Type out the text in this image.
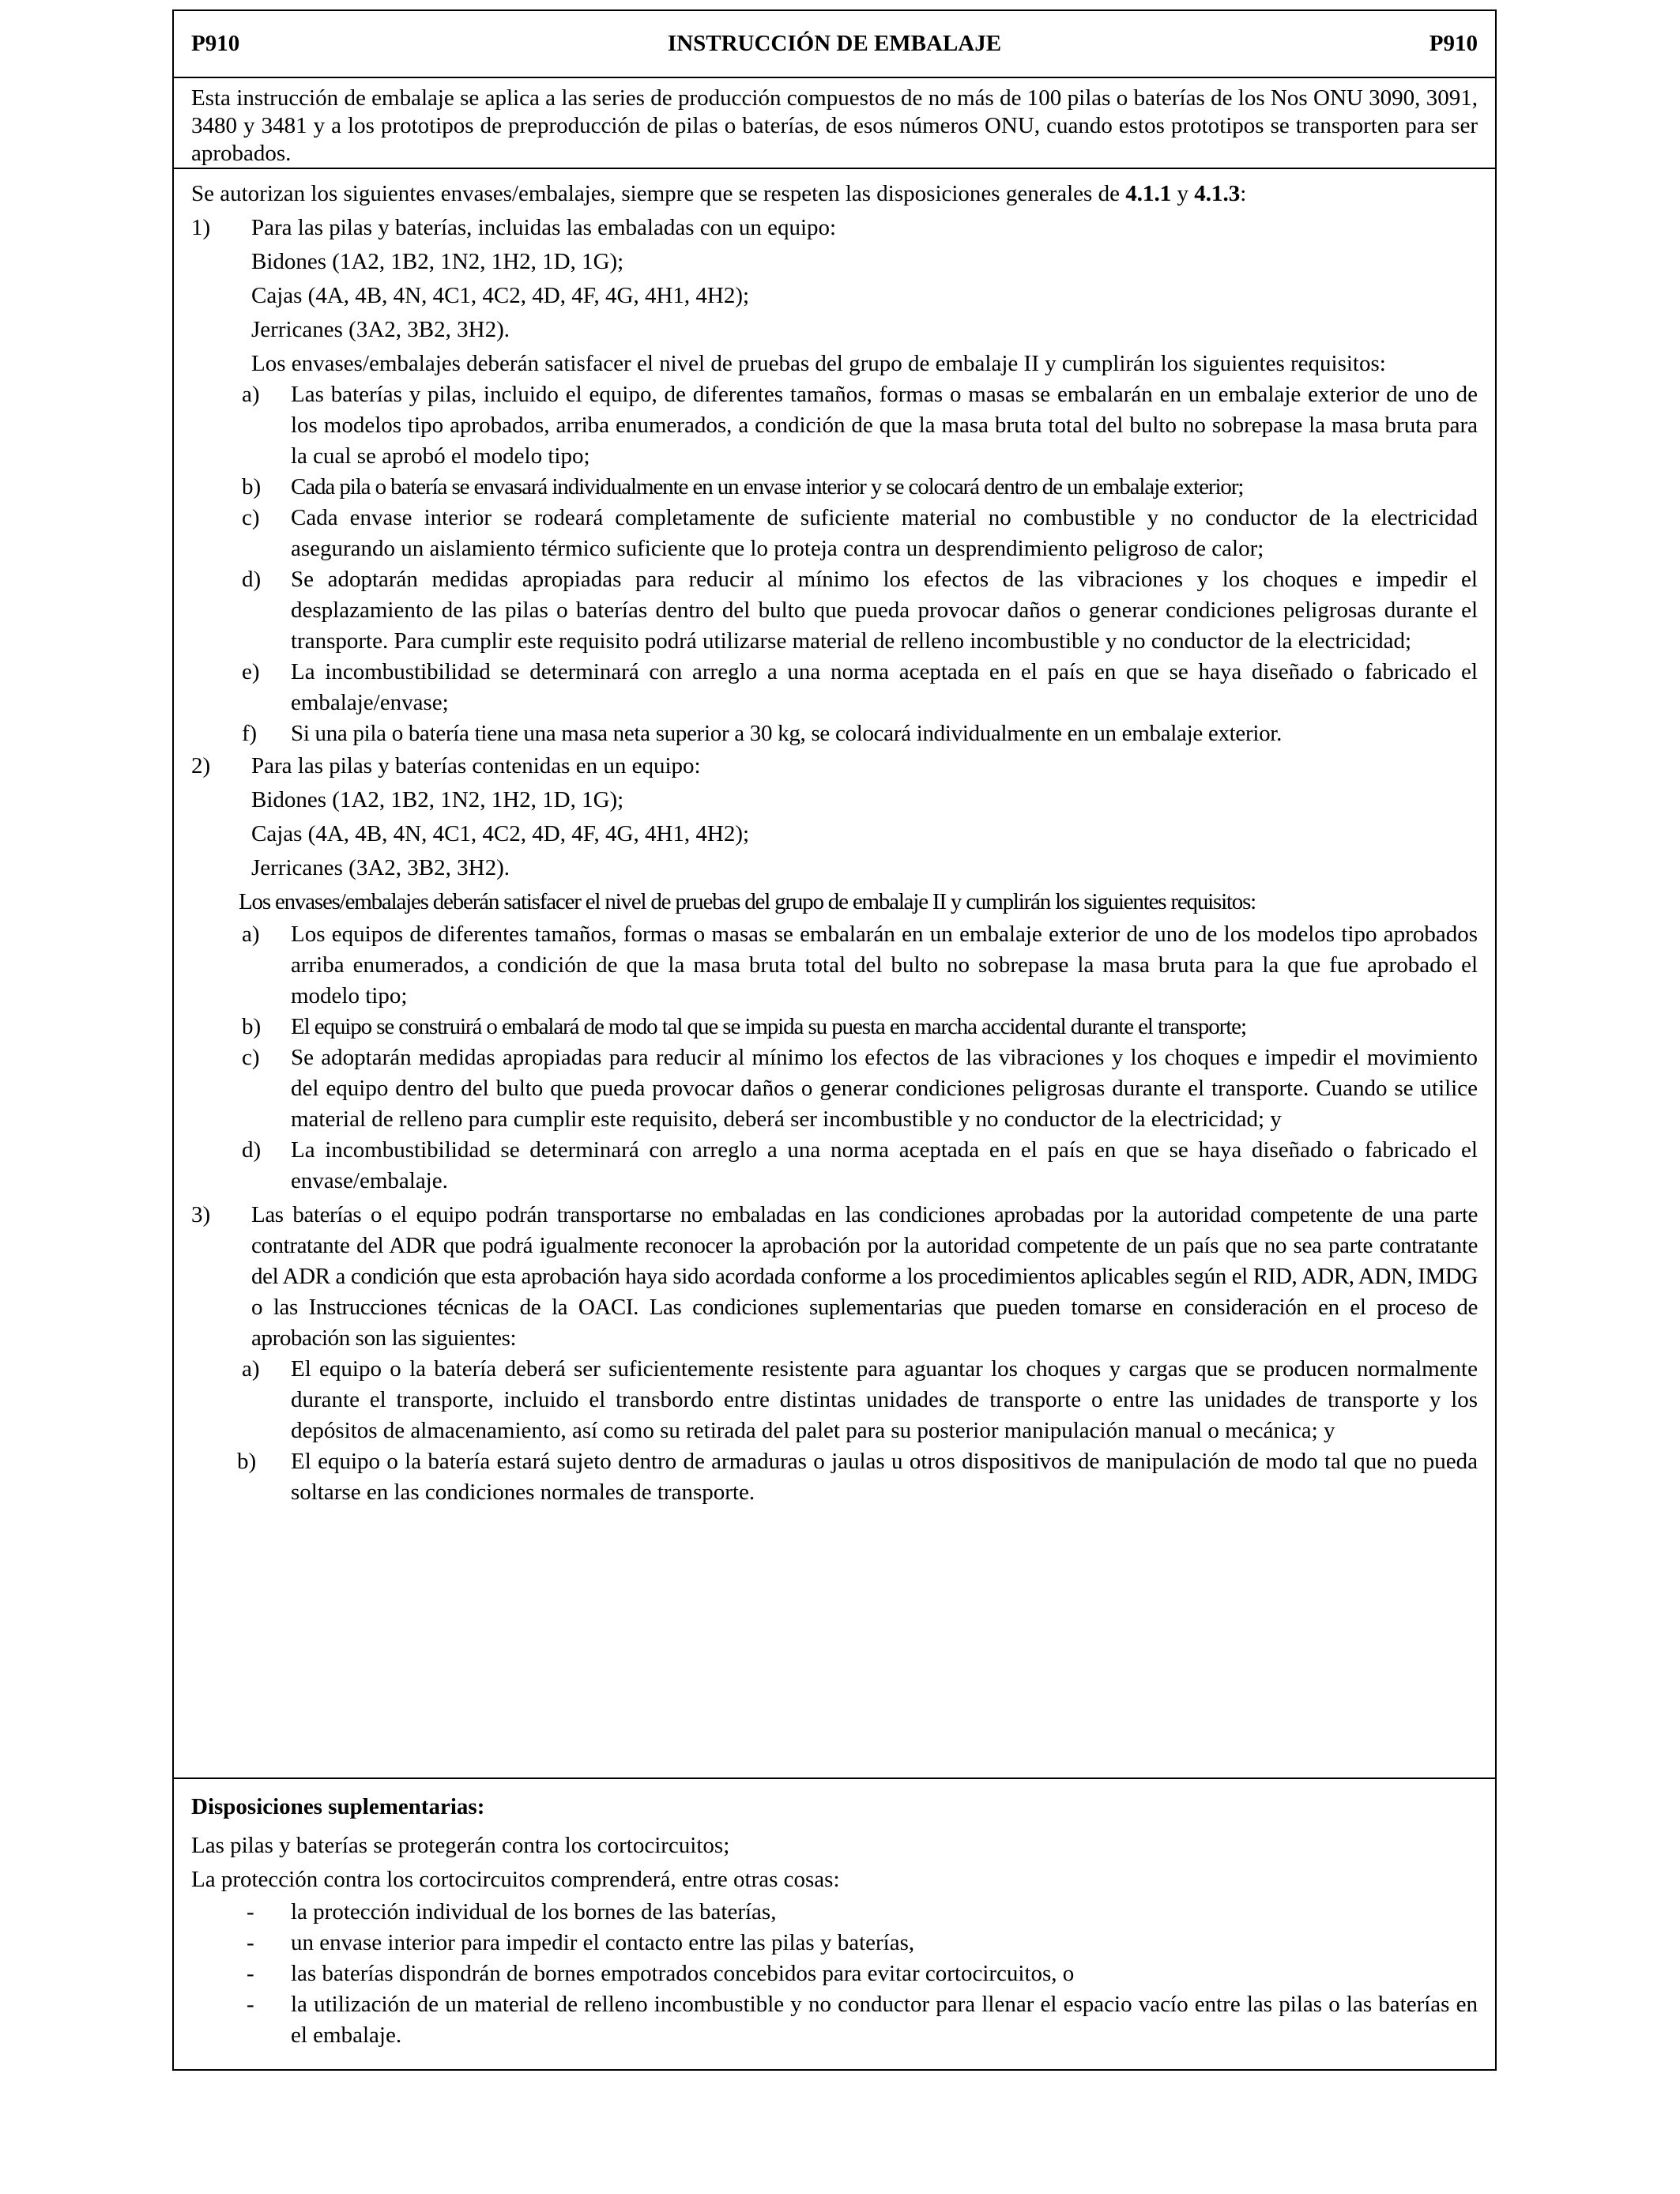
P910	INSTRUCCIÓN DE EMBALAJE	P910
Esta instrucción de embalaje se aplica a las series de producción compuestos de no más de 100 pilas o baterías de los Nos ONU 3090, 3091, 3480 y 3481 y a los prototipos de preproducción de pilas o baterías, de esos números ONU, cuando estos prototipos se transporten para ser aprobados.
Se autorizan los siguientes envases/embalajes, siempre que se respeten las disposiciones generales de 4.1.1 y 4.1.3:
1) Para las pilas y baterías, incluidas las embaladas con un equipo:
Bidones (1A2, 1B2, 1N2, 1H2, 1D, 1G);
Cajas (4A, 4B, 4N, 4C1, 4C2, 4D, 4F, 4G, 4H1, 4H2);
Jerricanes (3A2, 3B2, 3H2).
Los envases/embalajes deberán satisfacer el nivel de pruebas del grupo de embalaje II y cumplirán los siguientes requisitos:
a) Las baterías y pilas, incluido el equipo, de diferentes tamaños, formas o masas se embalarán en un embalaje exterior de uno de los modelos tipo aprobados, arriba enumerados, a condición de que la masa bruta total del bulto no sobrepase la masa bruta para la cual se aprobó el modelo tipo;
b) Cada pila o batería se envasará individualmente en un envase interior y se colocará dentro de un embalaje exterior;
c) Cada envase interior se rodeará completamente de suficiente material no combustible y no conductor de la electricidad asegurando un aislamiento térmico suficiente que lo proteja contra un desprendimiento peligroso de calor;
d) Se adoptarán medidas apropiadas para reducir al mínimo los efectos de las vibraciones y los choques e impedir el desplazamiento de las pilas o baterías dentro del bulto que pueda provocar daños o generar condiciones peligrosas durante el transporte. Para cumplir este requisito podrá utilizarse material de relleno incombustible y no conductor de la electricidad;
e) La incombustibilidad se determinará con arreglo a una norma aceptada en el país en que se haya diseñado o fabricado el embalaje/envase;
f) Si una pila o batería tiene una masa neta superior a 30 kg, se colocará individualmente en un embalaje exterior.
2) Para las pilas y baterías contenidas en un equipo:
Bidones (1A2, 1B2, 1N2, 1H2, 1D, 1G);
Cajas (4A, 4B, 4N, 4C1, 4C2, 4D, 4F, 4G, 4H1, 4H2);
Jerricanes (3A2, 3B2, 3H2).
Los envases/embalajes deberán satisfacer el nivel de pruebas del grupo de embalaje II y cumplirán los siguientes requisitos:
a) Los equipos de diferentes tamaños, formas o masas se embalarán en un embalaje exterior de uno de los modelos tipo aprobados arriba enumerados, a condición de que la masa bruta total del bulto no sobrepase la masa bruta para la que fue aprobado el modelo tipo;
b) El equipo se construirá o embalará de modo tal que se impida su puesta en marcha accidental durante el transporte;
c) Se adoptarán medidas apropiadas para reducir al mínimo los efectos de las vibraciones y los choques e impedir el movimiento del equipo dentro del bulto que pueda provocar daños o generar condiciones peligrosas durante el transporte. Cuando se utilice material de relleno para cumplir este requisito, deberá ser incombustible y no conductor de la electricidad; y
d) La incombustibilidad se determinará con arreglo a una norma aceptada en el país en que se haya diseñado o fabricado el envase/embalaje.
3) Las baterías o el equipo podrán transportarse no embaladas en las condiciones aprobadas por la autoridad competente de una parte contratante del ADR que podrá igualmente reconocer la aprobación por la autoridad competente de un país que no sea parte contratante del ADR a condición que esta aprobación haya sido acordada conforme a los procedimientos aplicables según el RID, ADR, ADN, IMDG o las Instrucciones técnicas de la OACI. Las condiciones suplementarias que pueden tomarse en consideración en el proceso de aprobación son las siguientes:
a) El equipo o la batería deberá ser suficientemente resistente para aguantar los choques y cargas que se producen normalmente durante el transporte, incluido el transbordo entre distintas unidades de transporte o entre las unidades de transporte y los depósitos de almacenamiento, así como su retirada del palet para su posterior manipulación manual o mecánica; y
b) El equipo o la batería estará sujeto dentro de armaduras o jaulas u otros dispositivos de manipulación de modo tal que no pueda soltarse en las condiciones normales de transporte.
Disposiciones suplementarias:
Las pilas y baterías se protegerán contra los cortocircuitos;
La protección contra los cortocircuitos comprenderá, entre otras cosas:
- la protección individual de los bornes de las baterías,
- un envase interior para impedir el contacto entre las pilas y baterías,
- las baterías dispondrán de bornes empotrados concebidos para evitar cortocircuitos, o
- la utilización de un material de relleno incombustible y no conductor para llenar el espacio vacío entre las pilas o las baterías en el embalaje.
